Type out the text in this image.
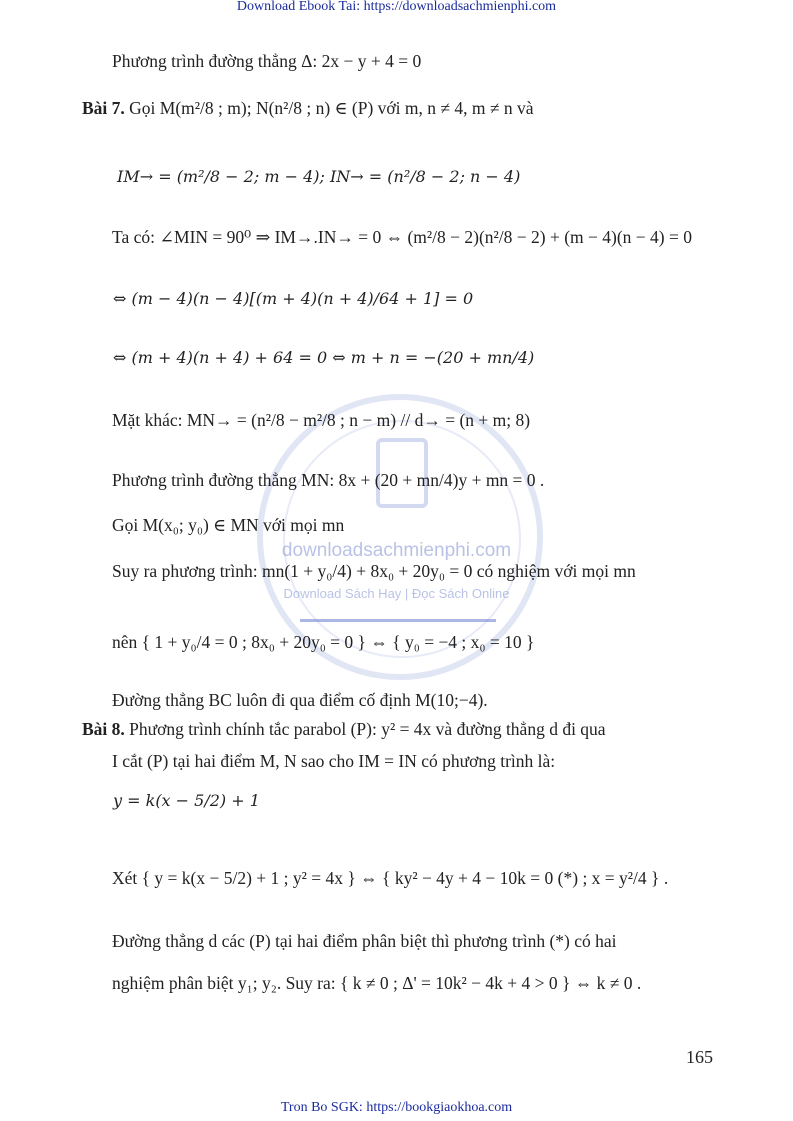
Download Ebook Tai: https://downloadsachmienphi.com
downloadsachmienphi.com
Download Sách Hay | Đọc Sách Online
Phương trình đường thẳng Δ: 2x − y + 4 = 0
Bài 7. Gọi M(m²/8 ; m); N(n²/8 ; n) ∈ (P) với m, n ≠ 4, m ≠ n và
IM→ = (m²/8 − 2; m − 4); IN→ = (n²/8 − 2; n − 4)
Ta có: ∠MIN = 90⁰ ⇒ IM→.IN→ = 0 ⇔ (m²/8 − 2)(n²/8 − 2) + (m − 4)(n − 4) = 0
⇔ (m − 4)(n − 4)[(m + 4)(n + 4)/64 + 1] = 0
⇔ (m + 4)(n + 4) + 64 = 0 ⇔ m + n = −(20 + mn/4)
Mặt khác: MN→ = (n²/8 − m²/8 ; n − m) // d→ = (n + m; 8)
Phương trình đường thẳng MN: 8x + (20 + mn/4)y + mn = 0 .
Gọi M(x₀; y₀) ∈ MN với mọi mn
Suy ra phương trình: mn(1 + y₀/4) + 8x₀ + 20y₀ = 0 có nghiệm với mọi mn
nên { 1 + y₀/4 = 0 ; 8x₀ + 20y₀ = 0 } ⇔ { y₀ = −4 ; x₀ = 10 }
Đường thẳng BC luôn đi qua điểm cố định M(10;−4).
Bài 8. Phương trình chính tắc parabol (P): y² = 4x và đường thẳng d đi qua
I cắt (P) tại hai điểm M, N sao cho IM = IN có phương trình là:
y = k(x − 5/2) + 1
Xét { y = k(x − 5/2) + 1 ; y² = 4x } ⇔ { ky² − 4y + 4 − 10k = 0 (*) ; x = y²/4 } .
Đường thẳng d các (P) tại hai điểm phân biệt thì phương trình (*) có hai
nghiệm phân biệt y₁; y₂. Suy ra: { k ≠ 0 ; Δ' = 10k² − 4k + 4 > 0 } ⇔ k ≠ 0 .
165
Tron Bo SGK: https://bookgiaokhoa.com
